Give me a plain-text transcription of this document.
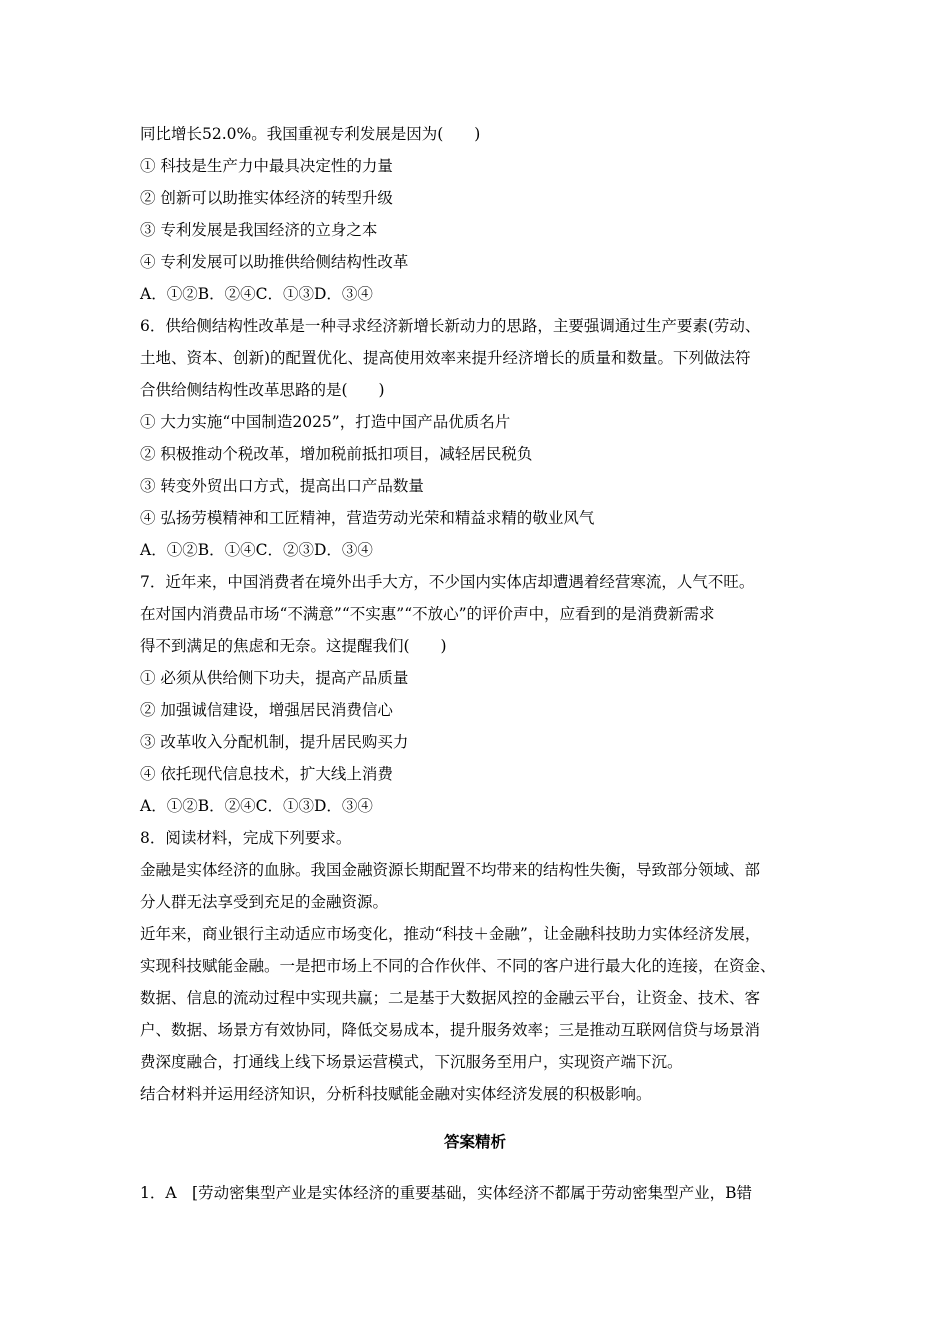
同比增长52.0%。我国重视专利发展是因为(　　)
① 科技是生产力中最具决定性的力量
② 创新可以助推实体经济的转型升级
③ 专利发展是我国经济的立身之本
④ 专利发展可以助推供给侧结构性改革
A．①②B．②④C．①③D．③④
6．供给侧结构性改革是一种寻求经济新增长新动力的思路，主要强调通过生产要素(劳动、
土地、资本、创新)的配置优化、提高使用效率来提升经济增长的质量和数量。下列做法符
合供给侧结构性改革思路的是(　　)
① 大力实施“中国制造2025”，打造中国产品优质名片
② 积极推动个税改革，增加税前抵扣项目，减轻居民税负
③ 转变外贸出口方式，提高出口产品数量
④ 弘扬劳模精神和工匠精神，营造劳动光荣和精益求精的敬业风气
A．①②B．①④C．②③D．③④
7．近年来，中国消费者在境外出手大方，不少国内实体店却遭遇着经营寒流，人气不旺。
在对国内消费品市场“不满意”“不实惠”“不放心”的评价声中，应看到的是消费新需求
得不到满足的焦虑和无奈。这提醒我们(　　)
① 必须从供给侧下功夫，提高产品质量
② 加强诚信建设，增强居民消费信心
③ 改革收入分配机制，提升居民购买力
④ 依托现代信息技术，扩大线上消费
A．①②B．②④C．①③D．③④
8．阅读材料，完成下列要求。
金融是实体经济的血脉。我国金融资源长期配置不均带来的结构性失衡，导致部分领域、部
分人群无法享受到充足的金融资源。
近年来，商业银行主动适应市场变化，推动“科技＋金融”，让金融科技助力实体经济发展，
实现科技赋能金融。一是把市场上不同的合作伙伴、不同的客户进行最大化的连接，在资金、
数据、信息的流动过程中实现共赢；二是基于大数据风控的金融云平台，让资金、技术、客
户、数据、场景方有效协同，降低交易成本，提升服务效率；三是推动互联网信贷与场景消
费深度融合，打通线上线下场景运营模式，下沉服务至用户，实现资产端下沉。
结合材料并运用经济知识，分析科技赋能金融对实体经济发展的积极影响。
答案精析
1．A　[劳动密集型产业是实体经济的重要基础，实体经济不都属于劳动密集型产业，B错
